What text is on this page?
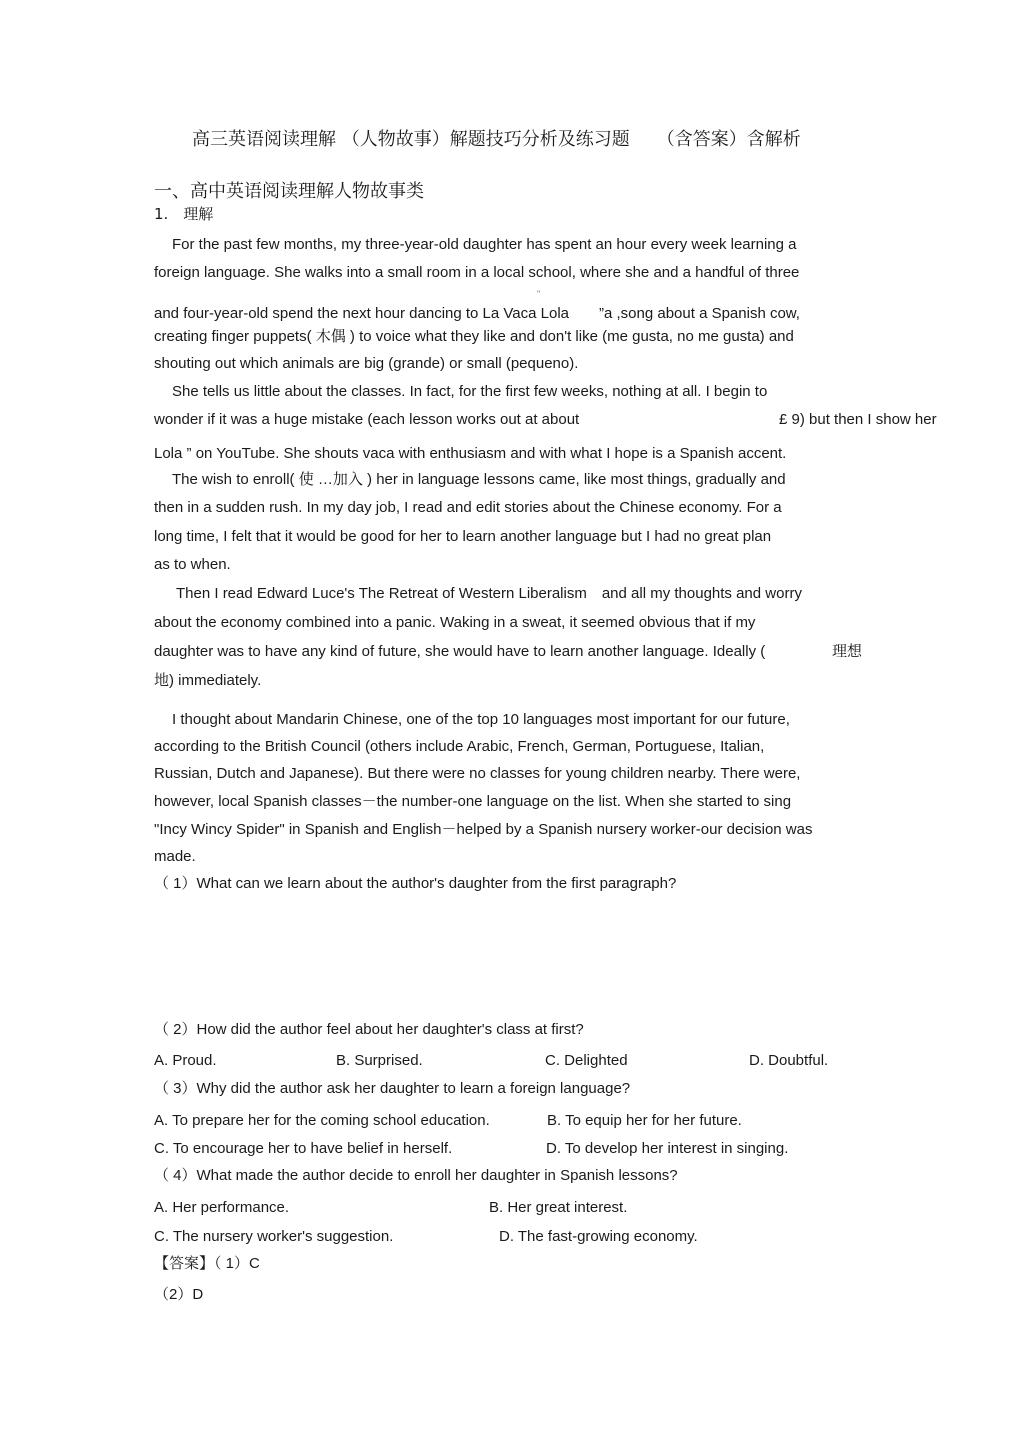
高三英语阅读理解 （人物故事）解题技巧分析及练习题　　（含答案）含解析
一、高中英语阅读理解人物故事类
1.　理解
For the past few months, my three-year-old daughter has spent an hour every week learning a
foreign language. She walks into a small room in a local school, where she and a handful of three
"
and four-year-old spend the next hour dancing to La Vaca Lola　　”a ,song about a Spanish cow,
creating finger puppets( 木偶 ) to voice what they like and don't like (me gusta, no me gusta) and
shouting out which animals are big (grande) or small (pequeno).
She tells us little about the classes. In fact, for the first few weeks, nothing at all. I begin to
wonder if it was a huge mistake (each lesson works out at about	£ 9) but then I show her
Lola ” on YouTube. She shouts vaca with enthusiasm and with what I hope is a Spanish accent.
The wish to enroll( 使 …加入 ) her in language lessons came, like most things, gradually and
then in a sudden rush. In my day job, I read and edit stories about the Chinese economy. For a
long time, I felt that it would be good for her to learn another language but I had no great plan
as to when.
Then I read Edward Luce's The Retreat of Western Liberalism　and all my thoughts and worry
about the economy combined into a panic. Waking in a sweat, it seemed obvious that if my
daughter was to have any kind of future, she would have to learn another language. Ideally (	理想
地) immediately.
I thought about Mandarin Chinese, one of the top 10 languages most important for our future,
according to the British Council (others include Arabic, French, German, Portuguese, Italian,
Russian, Dutch and Japanese). But there were no classes for young children nearby. There were,
however, local Spanish classes－the number-one language on the list. When she started to sing
"Incy Wincy Spider" in Spanish and English－helped by a Spanish nursery worker-our decision was
made.
（ 1）What can we learn about the author's daughter from the first paragraph?
（ 2）How did the author feel about her daughter's class at first?
A. Proud.	B. Surprised.	C. Delighted	D. Doubtful.
（ 3）Why did the author ask her daughter to learn a foreign language?
A. To prepare her for the coming school education.	B. To equip her for her future.
C. To encourage her to have belief in herself.	D. To develop her interest in singing.
（ 4）What made the author decide to enroll her daughter in Spanish lessons?
A. Her performance.	B. Her great interest.
C. The nursery worker's suggestion.	D. The fast-growing economy.
【答案】（ 1）C
（2）D
